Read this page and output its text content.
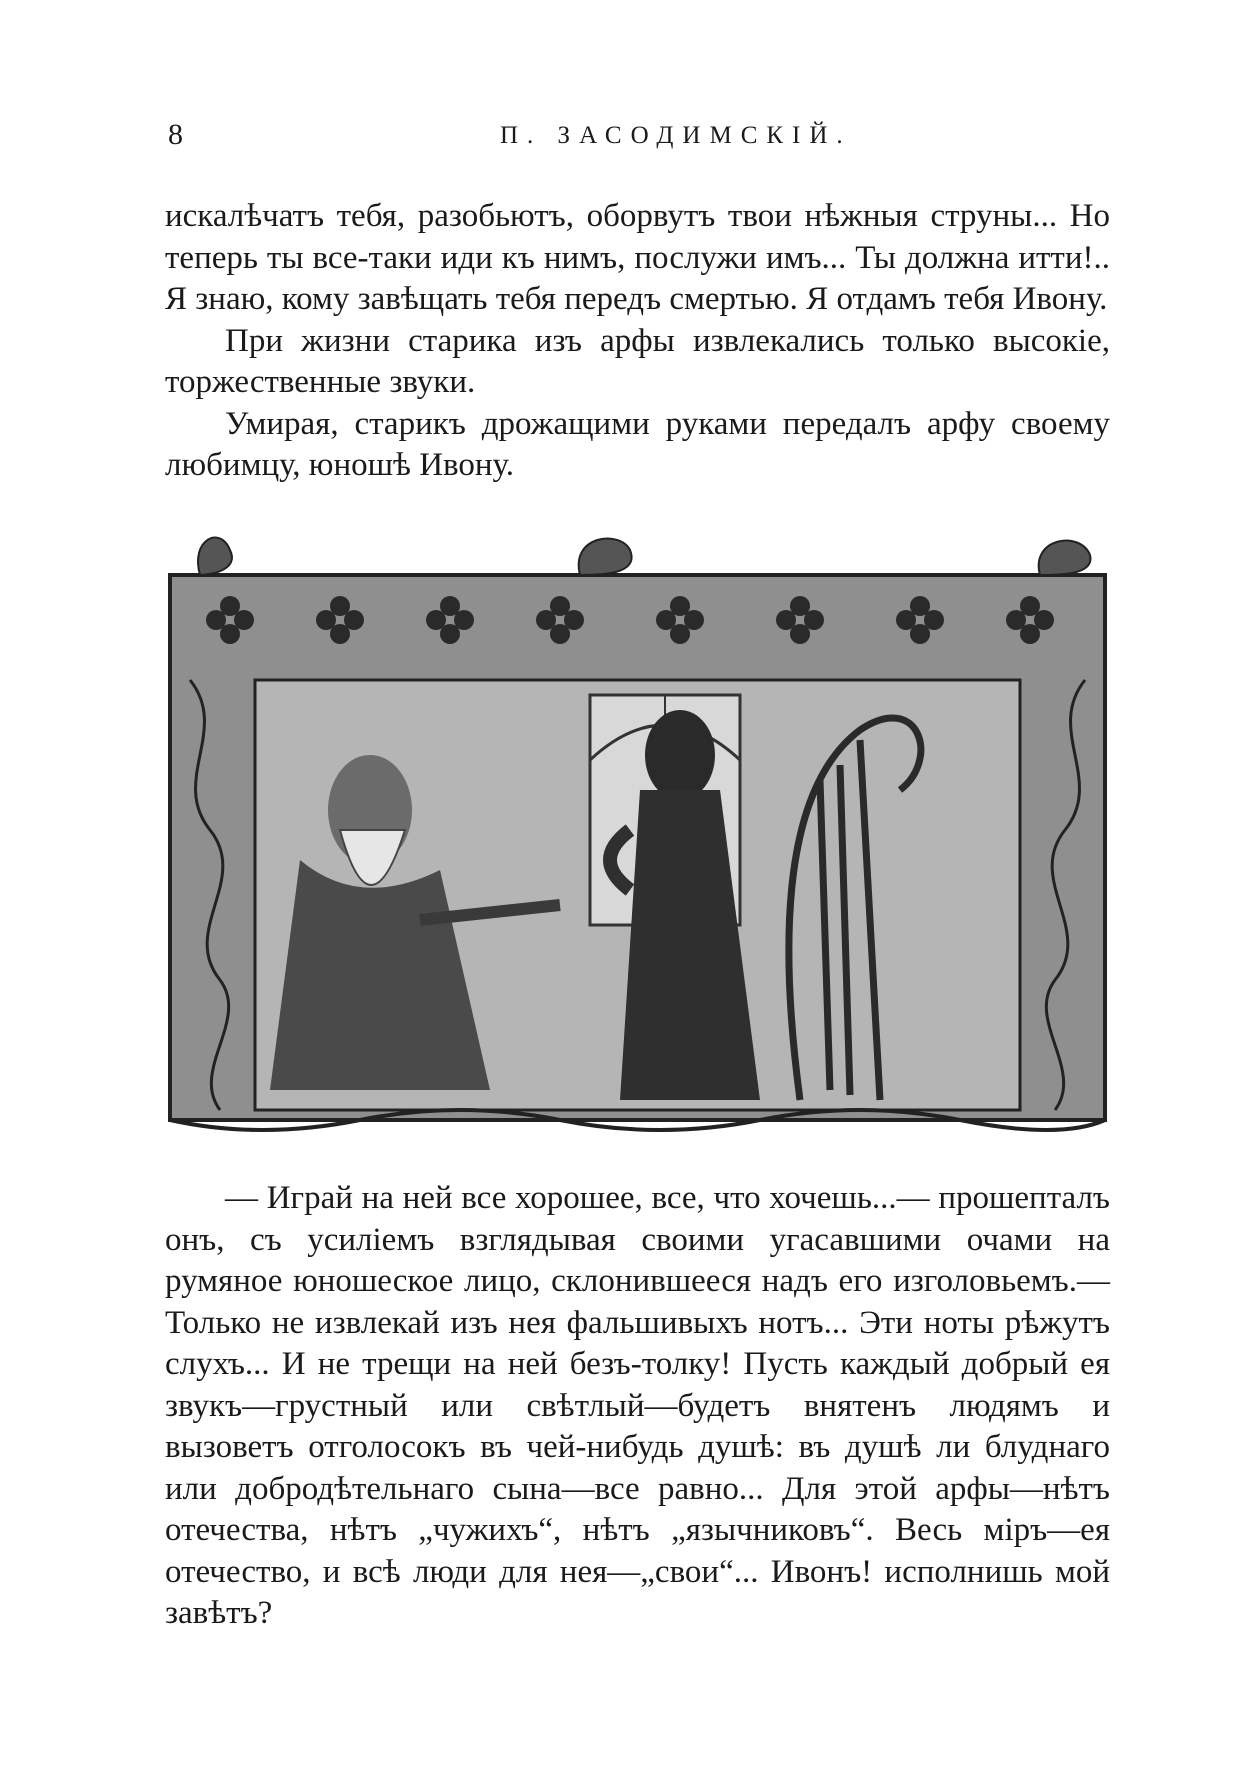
8	П. ЗАСОДИМСКІЙ.

искалѣчатъ тебя, разобьютъ, оборвутъ твои нѣжныя струны... Но теперь ты все-таки иди къ нимъ, послужи имъ... Ты должна итти!.. Я знаю, кому завѣщать тебя передъ смертью. Я отдамъ тебя Ивону.

При жизни старика изъ арфы извлекались только высокіе, торжественные звуки.

Умирая, старикъ дрожащими руками передалъ арфу своему любимцу, юношѣ Ивону.

— Играй на ней все хорошее, все, что хочешь...— прошепталъ онъ, съ усиліемъ взглядывая своими угасавшими очами на румяное юношеское лицо, склонившееся надъ его изголовьемъ.—Только не извлекай изъ нея фальшивыхъ нотъ... Эти ноты рѣжутъ слухъ... И не трещи на ней безъ-толку! Пусть каждый добрый ея звукъ—грустный или свѣтлый—будетъ внятенъ людямъ и вызоветъ отголосокъ въ чей-нибудь душѣ: въ душѣ ли блуднаго или добродѣтельнаго сына—все равно... Для этой арфы—нѣтъ отечества, нѣтъ „чужихъ“, нѣтъ „язычниковъ“. Весь міръ—ея отечество, и всѣ люди для нея—„свои“... Ивонъ! исполнишь мой завѣтъ?
